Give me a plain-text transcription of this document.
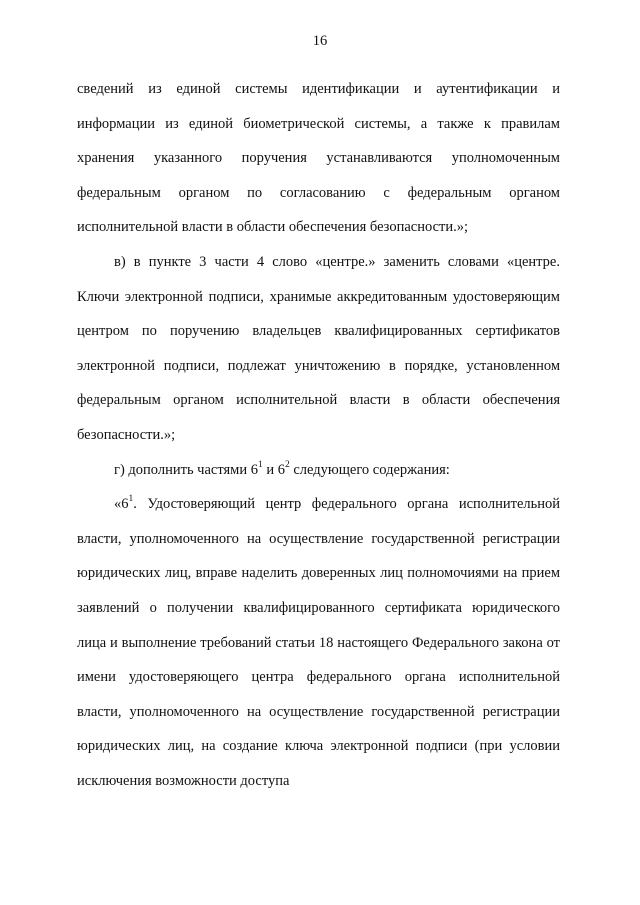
16

сведений из единой системы идентификации и аутентификации и информации из единой биометрической системы, а также к правилам хранения указанного поручения устанавливаются уполномоченным федеральным органом по согласованию с федеральным органом исполнительной власти в области обеспечения безопасности.»;

в) в пункте 3 части 4 слово «центре.» заменить словами «центре. Ключи электронной подписи, хранимые аккредитованным удостоверяющим центром по поручению владельцев квалифицированных сертификатов электронной подписи, подлежат уничтожению в порядке, установленном федеральным органом исполнительной власти в области обеспечения безопасности.»;

г) дополнить частями $6^1$ и $6^2$ следующего содержания:

«$6^1$. Удостоверяющий центр федерального органа исполнительной власти, уполномоченного на осуществление государственной регистрации юридических лиц, вправе наделить доверенных лиц полномочиями на прием заявлений о получении квалифицированного сертификата юридического лица и выполнение требований статьи 18 настоящего Федерального закона от имени удостоверяющего центра федерального органа исполнительной власти, уполномоченного на осуществление государственной регистрации юридических лиц, на создание ключа электронной подписи (при условии исключения возможности доступа
